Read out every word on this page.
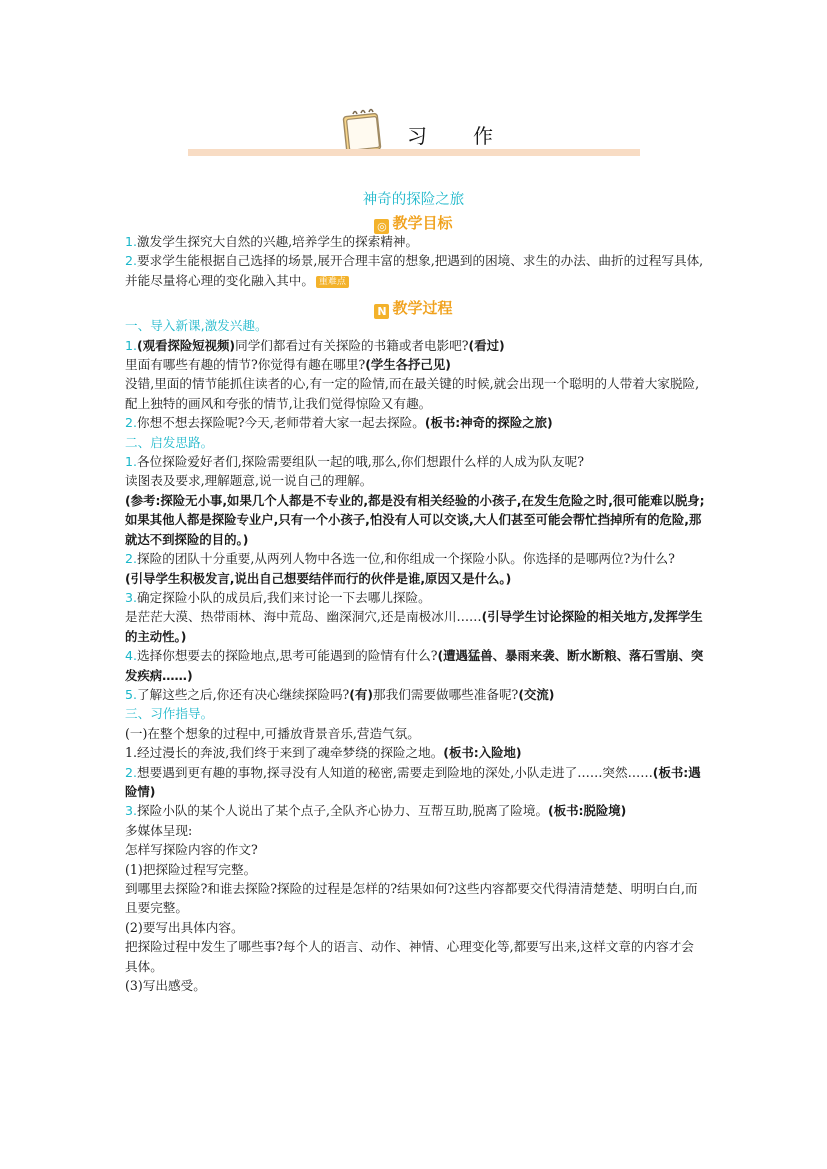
习 作
神奇的探险之旅
◎ 教学目标
N 教学过程

1.激发学生探究大自然的兴趣,培养学生的探索精神。

2.要求学生能根据自己选择的场景,展开合理丰富的想象,把遇到的困境、求生的办法、曲折的过程写具体,并能尽量将心理的变化融入其中。 重难点

一、导入新课,激发兴趣。

1.(观看探险短视频)同学们都看过有关探险的书籍或者电影吧?(看过)

里面有哪些有趣的情节?你觉得有趣在哪里?(学生各抒己见)

没错,里面的情节能抓住读者的心,有一定的险情,而在最关键的时候,就会出现一个聪明的人带着大家脱险,配上独特的画风和夸张的情节,让我们觉得惊险又有趣。

2.你想不想去探险呢?今天,老师带着大家一起去探险。(板书:神奇的探险之旅)

二、启发思路。

1.各位探险爱好者们,探险需要组队一起的哦,那么,你们想跟什么样的人成为队友呢?

读图表及要求,理解题意,说一说自己的理解。

(参考:探险无小事,如果几个人都是不专业的,都是没有相关经验的小孩子,在发生危险之时,很可能难以脱身;如果其他人都是探险专业户,只有一个小孩子,怕没有人可以交谈,大人们甚至可能会帮忙挡掉所有的危险,那就达不到探险的目的。)

2.探险的团队十分重要,从两列人物中各选一位,和你组成一个探险小队。你选择的是哪两位?为什么?

(引导学生积极发言,说出自己想要结伴而行的伙伴是谁,原因又是什么。)

3.确定探险小队的成员后,我们来讨论一下去哪儿探险。

是茫茫大漠、热带雨林、海中荒岛、幽深洞穴,还是南极冰川……(引导学生讨论探险的相关地方,发挥学生的主动性。)

4.选择你想要去的探险地点,思考可能遇到的险情有什么?(遭遇猛兽、暴雨来袭、断水断粮、落石雪崩、突发疾病……)

5.了解这些之后,你还有决心继续探险吗?(有)那我们需要做哪些准备呢?(交流)

三、习作指导。

(一)在整个想象的过程中,可播放背景音乐,营造气氛。

1.经过漫长的奔波,我们终于来到了魂牵梦绕的探险之地。(板书:入险地)

2.想要遇到更有趣的事物,探寻没有人知道的秘密,需要走到险地的深处,小队走进了……突然……(板书:遇险情)

3.探险小队的某个人说出了某个点子,全队齐心协力、互帮互助,脱离了险境。(板书:脱险境)

多媒体呈现:

怎样写探险内容的作文?

(1)把探险过程写完整。

到哪里去探险?和谁去探险?探险的过程是怎样的?结果如何?这些内容都要交代得清清楚楚、明明白白,而且要完整。

(2)要写出具体内容。

把探险过程中发生了哪些事?每个人的语言、动作、神情、心理变化等,都要写出来,这样文章的内容才会具体。

(3)写出感受。
